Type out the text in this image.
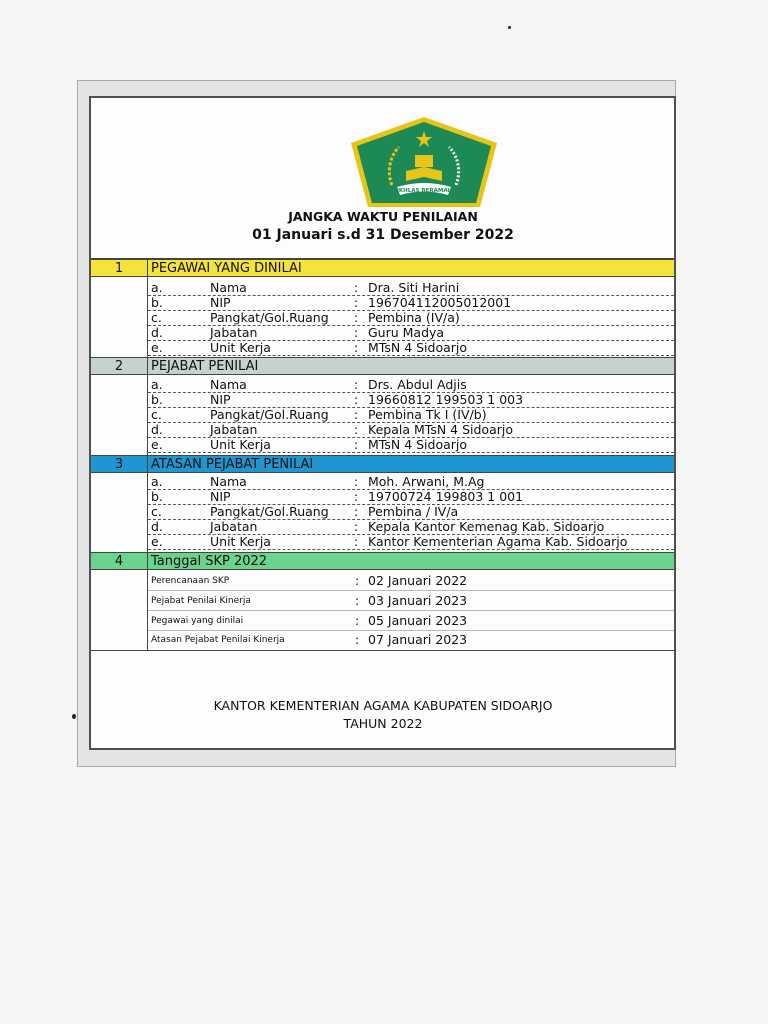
IKHLAS BERAMAL
JANGKA WAKTU PENILAIAN
01 Januari s.d 31 Desember 2022
1	PEGAWAI YANG DINILAI
a.	Nama	: Dra. Siti Harini
b.	NIP	: 196704112005012001
c.	Pangkat/Gol.Ruang : Pembina (IV/a)
d.	Jabatan	: Guru Madya
e.	Unit Kerja	: MTsN 4 Sidoarjo
2	PEJABAT PENILAI
a.	Nama	: Drs. Abdul Adjis
b.	NIP	: 19660812 199503 1 003
c.	Pangkat/Gol.Ruang : Pembina Tk I (IV/b)
d.	Jabatan	: Kepala MTsN 4 Sidoarjo
e.	Unit Kerja	: MTsN 4 Sidoarjo
3	ATASAN PEJABAT PENILAI
a.	Nama	: Moh. Arwani, M.Ag
b.	NIP	: 19700724 199803 1 001
c.	Pangkat/Gol.Ruang : Pembina / IV/a
d.	Jabatan	: Kepala Kantor Kemenag Kab. Sidoarjo
e.	Unit Kerja	: Kantor Kementerian Agama Kab. Sidoarjo
4	Tanggal SKP 2022
Perencanaan SKP	: 02 Januari 2022
Pejabat Penilai Kinerja	: 03 Januari 2023
Pegawai yang dinilai	: 05 Januari 2023
Atasan Pejabat Penilai Kinerja	: 07 Januari 2023
KANTOR KEMENTERIAN AGAMA KABUPATEN SIDOARJO
TAHUN 2022
